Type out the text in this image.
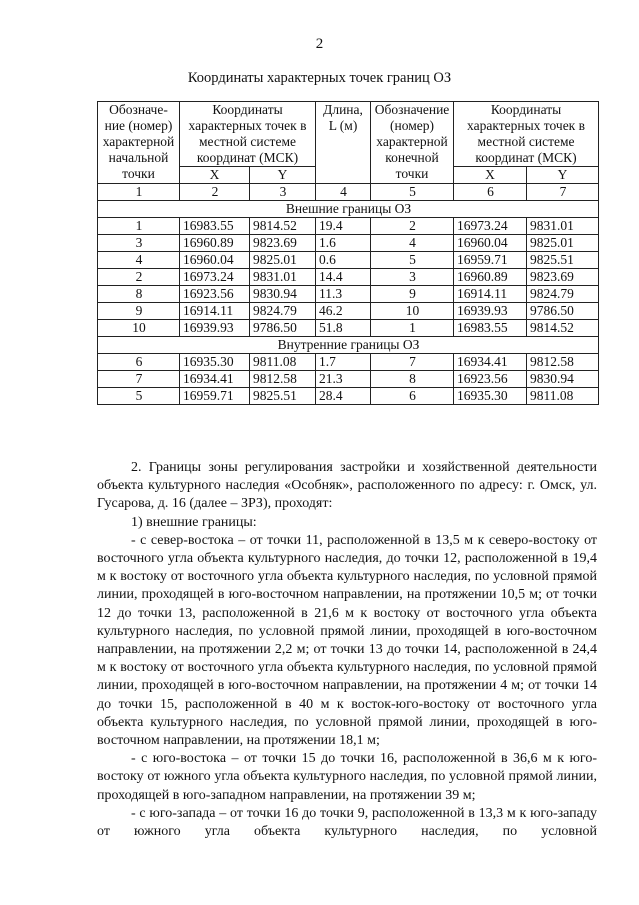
2
Координаты характерных точек границ ОЗ
Обозначе-ние (номер) характерной начальной точки	Координаты характерных точек в местной системе координат (МСК)		Длина, L (м)	Обозначение (номер) характерной конечной точки	Координаты характерных точек в местной системе координат (МСК)	
	X	Y			X	Y
1	2	3	4	5	6	7
Внешние границы ОЗ						
1	16983.55	9814.52	19.4	2	16973.24	9831.01
3	16960.89	9823.69	1.6	4	16960.04	9825.01
4	16960.04	9825.01	0.6	5	16959.71	9825.51
2	16973.24	9831.01	14.4	3	16960.89	9823.69
8	16923.56	9830.94	11.3	9	16914.11	9824.79
9	16914.11	9824.79	46.2	10	16939.93	9786.50
10	16939.93	9786.50	51.8	1	16983.55	9814.52
Внутренние границы ОЗ						
6	16935.30	9811.08	1.7	7	16934.41	9812.58
7	16934.41	9812.58	21.3	8	16923.56	9830.94
5	16959.71	9825.51	28.4	6	16935.30	9811.08

2. Границы зоны регулирования застройки и хозяйственной деятельности объекта культурного наследия «Особняк», расположенного по адресу: г. Омск, ул. Гусарова, д. 16 (далее – ЗРЗ), проходят:

1) внешние границы:

- с север-востока – от точки 11, расположенной в 13,5 м к северо-востоку от восточного угла объекта культурного наследия, до точки 12, расположенной в 19,4 м к востоку от восточного угла объекта культурного наследия, по условной прямой линии, проходящей в юго-восточном направлении, на протяжении 10,5 м; от точки 12 до точки 13, расположенной в 21,6 м к востоку от восточного угла объекта культурного наследия, по условной прямой линии, проходящей в юго-восточном направлении, на протяжении 2,2 м; от точки 13 до точки 14, расположенной в 24,4 м к востоку от восточного угла объекта культурного наследия, по условной прямой линии, проходящей в юго-восточном направлении, на протяжении 4 м; от точки 14 до точки 15, расположенной в 40 м к восток-юго-востоку от восточного угла объекта культурного наследия, по условной прямой линии, проходящей в юго-восточном направлении, на протяжении 18,1 м;

- с юго-востока – от точки 15 до точки 16, расположенной в 36,6 м к юго-востоку от южного угла объекта культурного наследия, по условной прямой линии, проходящей в юго-западном направлении, на протяжении 39 м;

- с юго-запада – от точки 16 до точки 9, расположенной в 13,3 м к юго-западу от южного угла объекта культурного наследия, по условной
